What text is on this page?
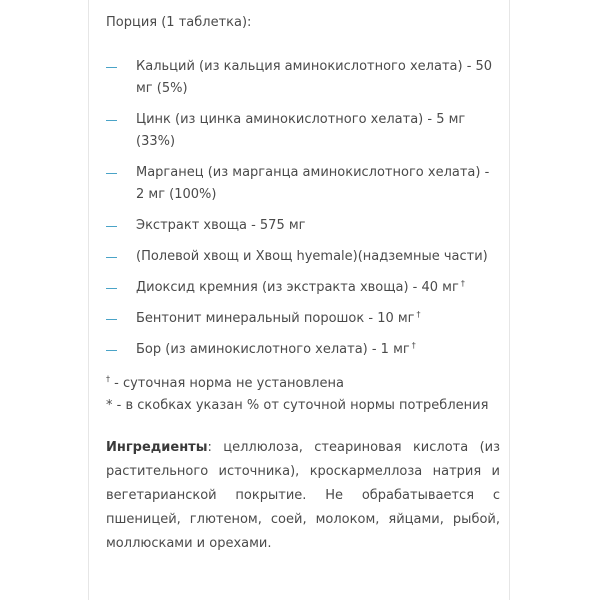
Порция (1 таблетка):
Кальций (из кальция аминокислотного хелата) - 50 мг (5%)
Цинк (из цинка аминокислотного хелата) - 5 мг (33%)
Марганец (из марганца аминокислотного хелата) - 2 мг (100%)
Экстракт хвоща - 575 мг
(Полевой хвощ и Хвощ hyemale)(надземные части)
Диоксид кремния (из экстракта хвоща) - 40 мг †
Бентонит минеральный порошок - 10 мг †
Бор (из аминокислотного хелата) - 1 мг †
† - суточная норма не установлена
* - в скобках указан % от суточной нормы потребления
Ингредиенты: целлюлоза, стеариновая кислота (из растительного источника), кроскармеллоза натрия и вегетарианской покрытие. Не обрабатывается с пшеницей, глютеном, соей, молоком, яйцами, рыбой, моллюсками и орехами.
